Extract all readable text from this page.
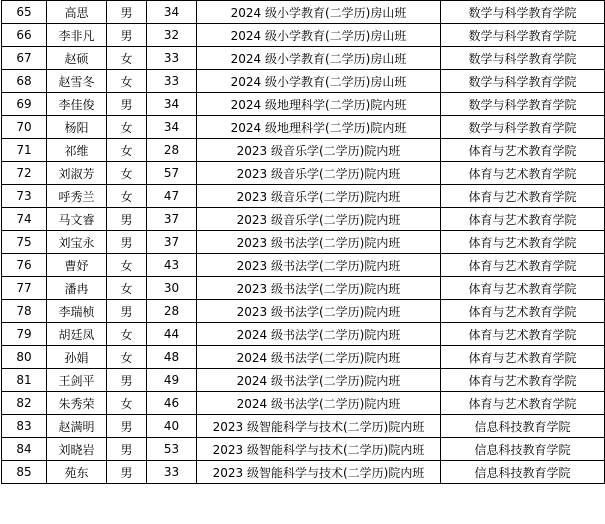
65	高思	男	34	2024 级小学教育(二学历)房山班	数学与科学教育学院
66	李非凡	男	32	2024 级小学教育(二学历)房山班	数学与科学教育学院
67	赵硕	女	33	2024 级小学教育(二学历)房山班	数学与科学教育学院
68	赵雪冬	女	33	2024 级小学教育(二学历)房山班	数学与科学教育学院
69	李佳俊	男	34	2024 级地理科学(二学历)院内班	数学与科学教育学院
70	杨阳	女	34	2024 级地理科学(二学历)院内班	数学与科学教育学院
71	祁维	女	28	2023 级音乐学(二学历)院内班	体育与艺术教育学院
72	刘淑芳	女	57	2023 级音乐学(二学历)院内班	体育与艺术教育学院
73	呼秀兰	女	47	2023 级音乐学(二学历)院内班	体育与艺术教育学院
74	马文睿	男	37	2023 级音乐学(二学历)院内班	体育与艺术教育学院
75	刘宝永	男	37	2023 级书法学(二学历)院内班	体育与艺术教育学院
76	曹妤	女	43	2023 级书法学(二学历)院内班	体育与艺术教育学院
77	潘冉	女	30	2023 级书法学(二学历)院内班	体育与艺术教育学院
78	李瑞桢	男	28	2023 级书法学(二学历)院内班	体育与艺术教育学院
79	胡廷凤	女	44	2024 级书法学(二学历)院内班	体育与艺术教育学院
80	孙娟	女	48	2024 级书法学(二学历)院内班	体育与艺术教育学院
81	王剑平	男	49	2024 级书法学(二学历)院内班	体育与艺术教育学院
82	朱秀荣	女	46	2024 级书法学(二学历)院内班	体育与艺术教育学院
83	赵满明	男	40	2023 级智能科学与技术(二学历)院内班	信息科技教育学院
84	刘晓岩	男	53	2023 级智能科学与技术(二学历)院内班	信息科技教育学院
85	苑东	男	33	2023 级智能科学与技术(二学历)院内班	信息科技教育学院
